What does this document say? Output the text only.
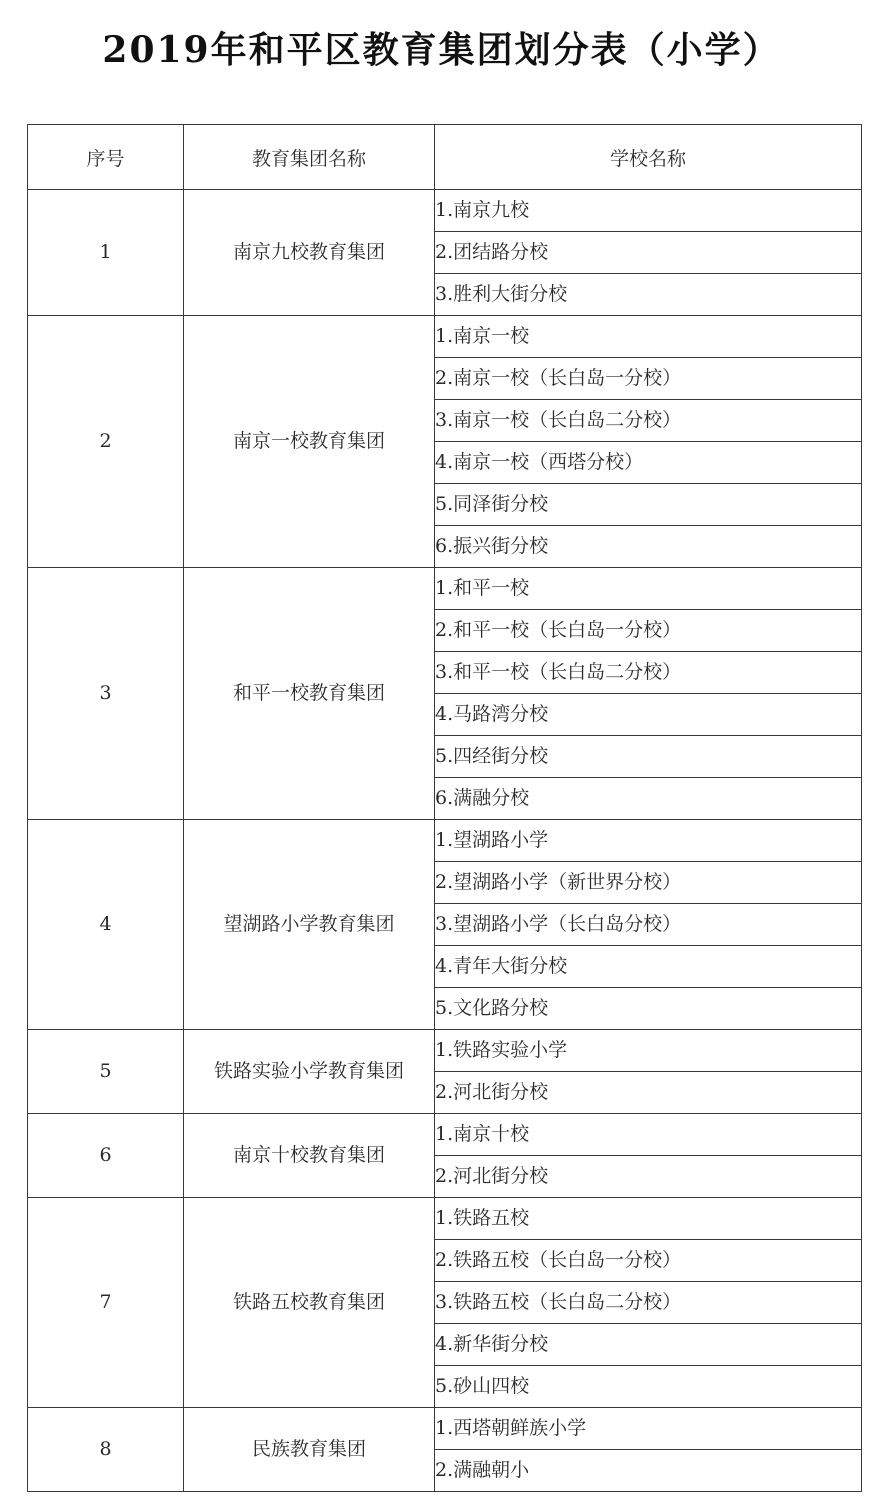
2019年和平区教育集团划分表（小学）
序号	教育集团名称	学校名称
1	南京九校教育集团	1.南京九校
		2.团结路分校
		3.胜利大街分校
2	南京一校教育集团	1.南京一校
		2.南京一校（长白岛一分校）
		3.南京一校（长白岛二分校）
		4.南京一校（西塔分校）
		5.同泽街分校
		6.振兴街分校
3	和平一校教育集团	1.和平一校
		2.和平一校（长白岛一分校）
		3.和平一校（长白岛二分校）
		4.马路湾分校
		5.四经街分校
		6.满融分校
4	望湖路小学教育集团	1.望湖路小学
		2.望湖路小学（新世界分校）
		3.望湖路小学（长白岛分校）
		4.青年大街分校
		5.文化路分校
5	铁路实验小学教育集团	1.铁路实验小学
		2.河北街分校
6	南京十校教育集团	1.南京十校
		2.河北街分校
7	铁路五校教育集团	1.铁路五校
		2.铁路五校（长白岛一分校）
		3.铁路五校（长白岛二分校）
		4.新华街分校
		5.砂山四校
8	民族教育集团	1.西塔朝鲜族小学
		2.满融朝小
